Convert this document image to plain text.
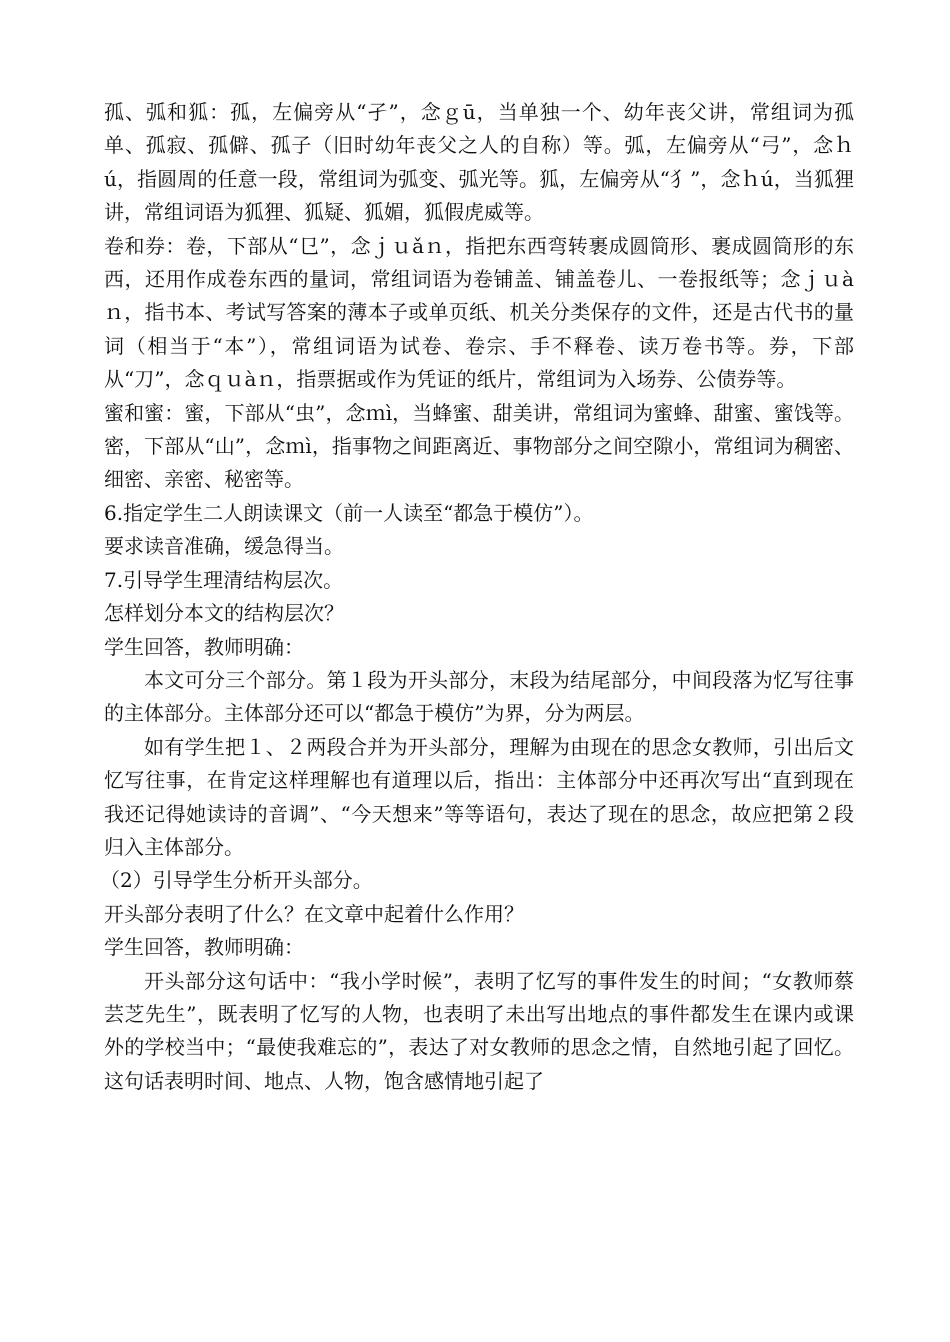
孤、弧和狐：孤，左偏旁从“孑”，念ｇū，当单独一个、幼年丧父讲，常组词为孤单、孤寂、孤僻、孤子（旧时幼年丧父之人的自称）等。弧，左偏旁从“弓”，念ｈú，指圆周的任意一段，常组词为弧变、弧光等。狐，左偏旁从“犭”，念ｈú，当狐狸讲，常组词语为狐狸、狐疑、狐媚，狐假虎威等。

卷和券：卷，下部从“㔾”，念ｊｕǎｎ，指把东西弯转裹成圆筒形、裹成圆筒形的东西，还用作成卷东西的量词，常组词语为卷铺盖、铺盖卷儿、一卷报纸等；念ｊｕàｎ，指书本、考试写答案的薄本子或单页纸、机关分类保存的文件，还是古代书的量词（相当于“本”），常组词语为试卷、卷宗、手不释卷、读万卷书等。券，下部从“刀”，念ｑｕàｎ，指票据或作为凭证的纸片，常组词为入场券、公债券等。

蜜和蜜：蜜，下部从“虫”，念ｍì，当蜂蜜、甜美讲，常组词为蜜蜂、甜蜜、蜜饯等。密，下部从“山”，念ｍì，指事物之间距离近、事物部分之间空隙小，常组词为稠密、细密、亲密、秘密等。

6.指定学生二人朗读课文（前一人读至“都急于模仿”）。

要求读音准确，缓急得当。

7.引导学生理清结构层次。

怎样划分本文的结构层次？

学生回答，教师明确：

本文可分三个部分。第１段为开头部分，末段为结尾部分，中间段落为忆写往事的主体部分。主体部分还可以“都急于模仿”为界，分为两层。

如有学生把１、２两段合并为开头部分，理解为由现在的思念女教师，引出后文忆写往事，在肯定这样理解也有道理以后，指出：主体部分中还再次写出“直到现在我还记得她读诗的音调”、“今天想来”等等语句，表达了现在的思念，故应把第２段归入主体部分。

（2）引导学生分析开头部分。

开头部分表明了什么？在文章中起着什么作用？

学生回答，教师明确：

开头部分这句话中：“我小学时候”，表明了忆写的事件发生的时间；“女教师蔡芸芝先生”，既表明了忆写的人物，也表明了未出写出地点的事件都发生在课内或课外的学校当中；“最使我难忘的”，表达了对女教师的思念之情，自然地引起了回忆。这句话表明时间、地点、人物，饱含感情地引起了
